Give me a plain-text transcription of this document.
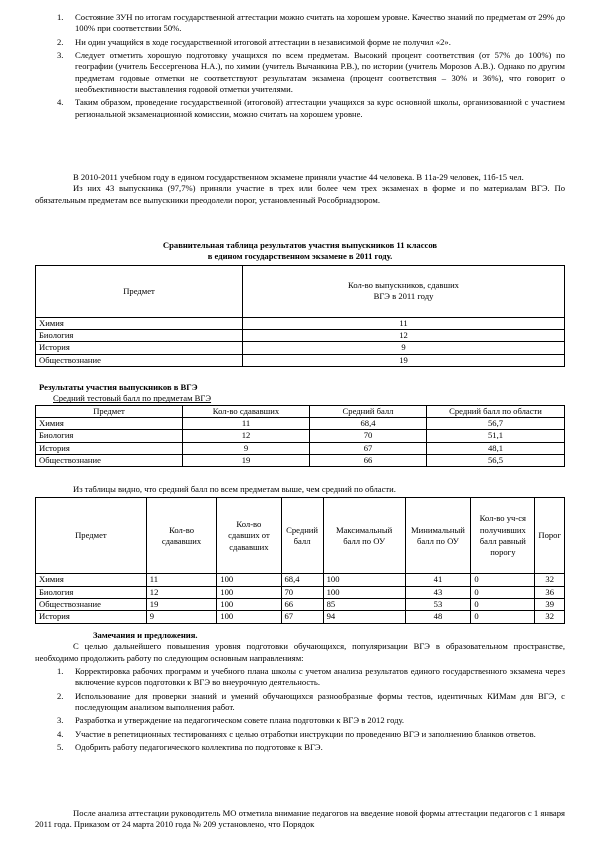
1. Состояние ЗУН по итогам государственной аттестации можно считать на хорошем уровне. Качество знаний по предметам от 29% до 100% при соответствии 50%.
2. Ни один учащийся в ходе государственной итоговой аттестации в независимой форме не получил «2».
3. Следует отметить хорошую подготовку учащихся по всем предметам. Высокий процент соответствия (от 57% до 100%) по географии (учитель Бессергенова Н.А.), по химии (учитель Вычанкина Р.В.), по истории (учитель Морозов А.В.). Однако по другим предметам годовые отметки не соответствуют результатам экзамена (процент соответствия – 30% и 36%), что говорит о необъективности выставления годовой отметки учителями.
4. Таким образом, проведение государственной (итоговой) аттестации учащихся за курс основной школы, организованной с участием региональной экзаменационной комиссии, можно считать на хорошем уровне.

В 2010-2011 учебном году в едином государственном экзамене приняли участие 44 человека. В 11а-29 человек, 11б-15 чел.

Из них 43 выпускника (97,7%) приняли участие в трех или более чем трех экзаменах в форме и по материалам ВГЭ. По обязательным предметам все выпускники преодолели порог, установленный Рособрнадзором.

Сравнительная таблица результатов участия выпускников 11 классов

в едином государственном экзамене в 2011 году.

Предмет	Кол-во выпускников, сдавших ВГЭ в 2011 году

Химия	11
Биология	12
История	9
Обществознание	19

Результаты участия выпускников в ВГЭ

Средний тестовый балл по предметам ВГЭ

Предмет	Кол-во сдававших	Средний балл	Средний балл по области
Химия	11	68,4	56,7
Биология	12	70	51,1
История	9	67	48,1
Обществознание	19	66	56,5

Из таблицы видно, что средний балл по всем предметам выше, чем средний по области.

Предмет	Кол-во сдававших	Кол-во сдавших от сдававших	Средний балл	Максимальный балл по ОУ	Минимальный балл по ОУ	Кол-во уч-ся получивших балл равный порогу	Порог
Химия	11	100	68,4	100	41	0	32
Биология	12	100	70	100	43	0	36
Обществознание	19	100	66	85	53	0	39
История	9	100	67	94	48	0	32

Замечания и предложения.

С целью дальнейшего повышения уровня подготовки обучающихся, популяризации ВГЭ в образовательном пространстве, необходимо продолжить работу по следующим основным направлениям:

1. Корректировка рабочих программ и учебного плана школы с учетом анализа результатов единого государственного экзамена через включение курсов подготовки к ВГЭ во внеурочную деятельность.
2. Использование для проверки знаний и умений обучающихся разнообразные формы тестов, идентичных КИМам для ВГЭ, с последующим анализом выполнения работ.
3. Разработка и утверждение на педагогическом совете плана подготовки к ВГЭ в 2012 году.
4. Участие в репетиционных тестированиях с целью отработки инструкции по проведению ВГЭ и заполнению бланков ответов.
5. Одобрить работу педагогического коллектива по подготовке к ВГЭ.

После анализа аттестации руководитель МО отметила внимание педагогов на введение новой формы аттестации педагогов с 1 января 2011 года. Приказом от 24 марта 2010 года № 209 установлено, что Порядок
